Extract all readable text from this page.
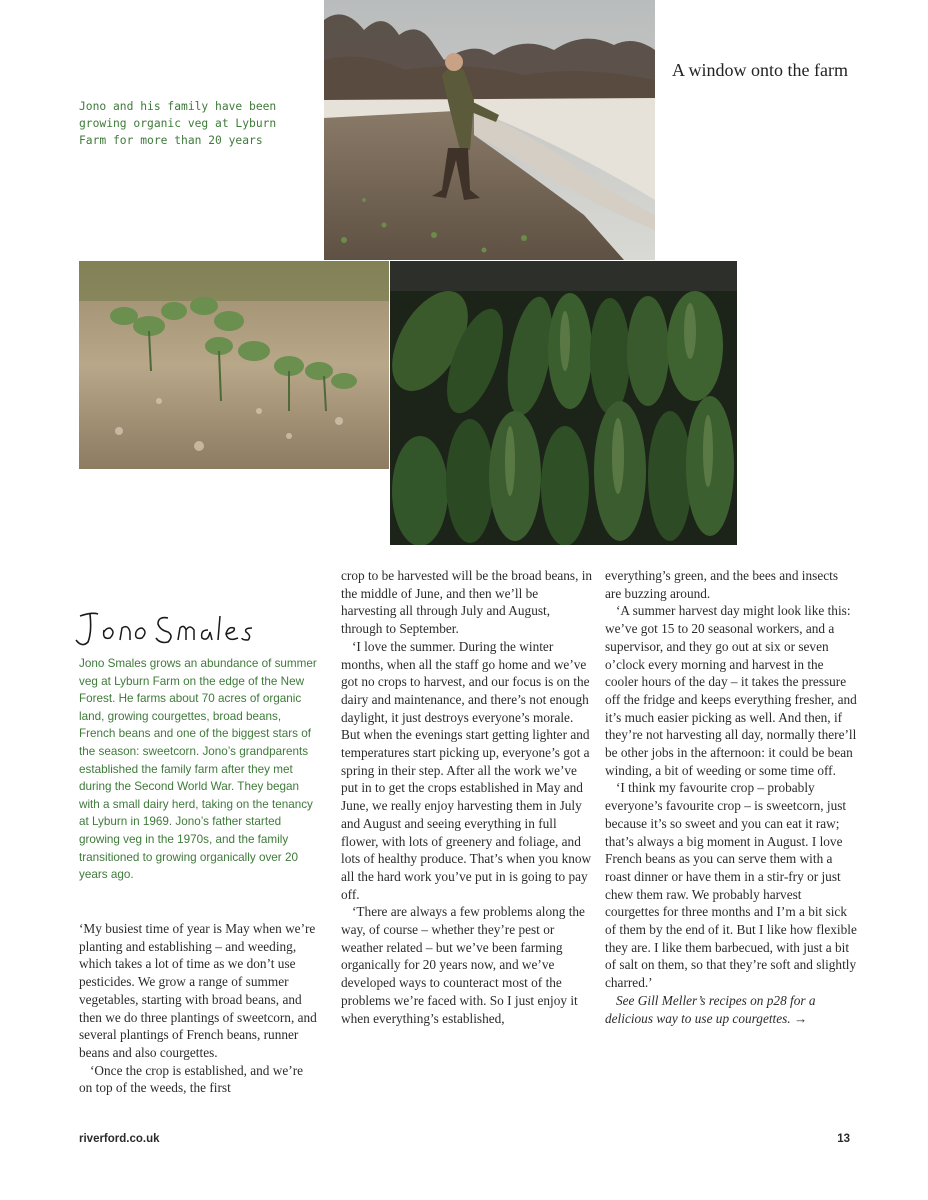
Jono and his family have been growing organic veg at Lyburn Farm for more than 20 years
A window onto the farm
Jono Smales grows an abundance of summer veg at Lyburn Farm on the edge of the New Forest. He farms about 70 acres of organic land, growing courgettes, broad beans, French beans and one of the biggest stars of the season: sweetcorn. Jono’s grandparents established the family farm after they met during the Second World War. They began with a small dairy herd, taking on the tenancy at Lyburn in 1969. Jono’s father started growing veg in the 1970s, and the family transitioned to growing organically over 20 years ago.

‘My busiest time of year is May when we’re planting and establishing – and weeding, which takes a lot of time as we don’t use pesticides. We grow a range of summer vegetables, starting with broad beans, and then we do three plantings of sweetcorn, and several plantings of French beans, runner beans and also courgettes.

‘Once the crop is established, and we’re on top of the weeds, the first

crop to be harvested will be the broad beans, in the middle of June, and then we’ll be harvesting all through July and August, through to September.

‘I love the summer. During the winter months, when all the staff go home and we’ve got no crops to harvest, and our focus is on the dairy and maintenance, and there’s not enough daylight, it just destroys everyone’s morale. But when the evenings start getting lighter and temperatures start picking up, everyone’s got a spring in their step. After all the work we’ve put in to get the crops established in May and June, we really enjoy harvesting them in July and August and seeing everything in full flower, with lots of greenery and foliage, and lots of healthy produce. That’s when you know all the hard work you’ve put in is going to pay off.

‘There are always a few problems along the way, of course – whether they’re pest or weather related – but we’ve been farming organically for 20 years now, and we’ve developed ways to counteract most of the problems we’re faced with. So I just enjoy it when everything’s established,

everything’s green, and the bees and insects are buzzing around.

‘A summer harvest day might look like this: we’ve got 15 to 20 seasonal workers, and a supervisor, and they go out at six or seven o’clock every morning and harvest in the cooler hours of the day – it takes the pressure off the fridge and keeps everything fresher, and it’s much easier picking as well. And then, if they’re not harvesting all day, normally there’ll be other jobs in the afternoon: it could be bean winding, a bit of weeding or some time off.

‘I think my favourite crop – probably everyone’s favourite crop – is sweetcorn, just because it’s so sweet and you can eat it raw; that’s always a big moment in August. I love French beans as you can serve them with a roast dinner or have them in a stir-fry or just chew them raw. We probably harvest courgettes for three months and I’m a bit sick of them by the end of it. But I like how flexible they are. I like them barbecued, with just a bit of salt on them, so that they’re soft and slightly charred.’

See Gill Meller’s recipes on p28 for a delicious way to use up courgettes. →

riverford.co.uk	13
